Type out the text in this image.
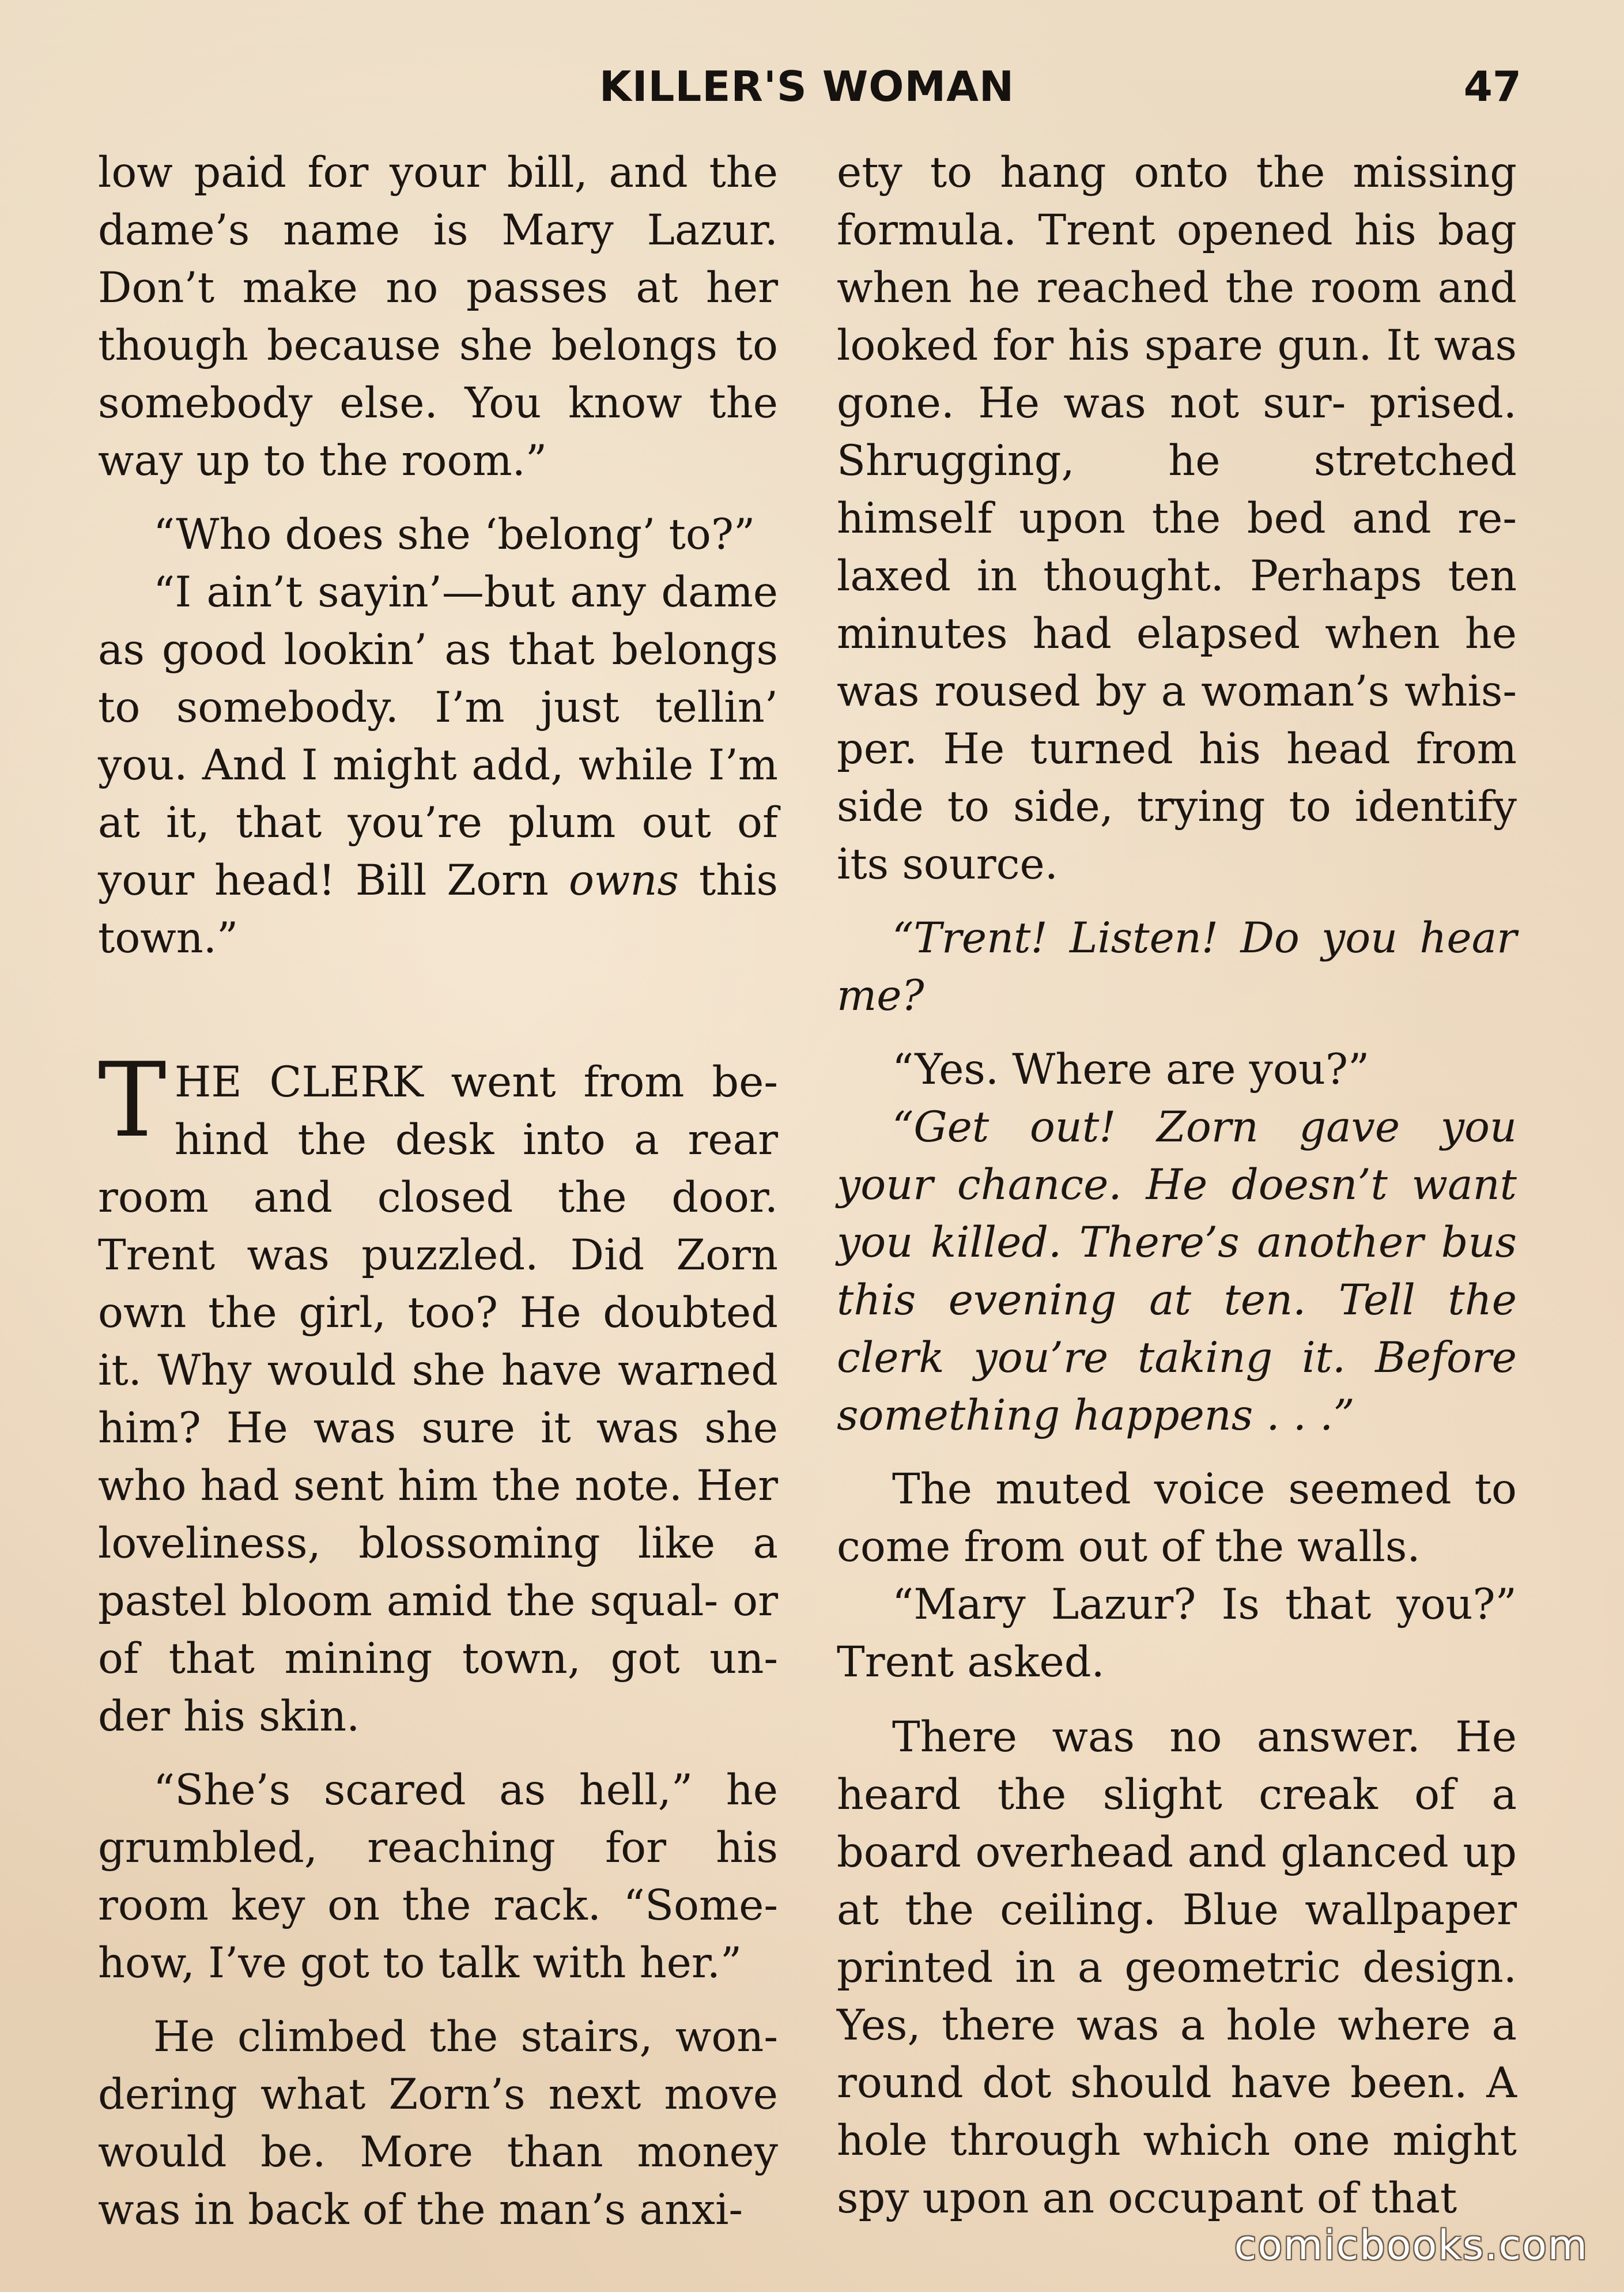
KILLER'S WOMAN	47

low paid for your bill, and the dame’s name is Mary Lazur. Don’t make no passes at her though because she belongs to somebody else. You know the way up to the room.”

“Who does she ‘belong’ to?”

“I ain’t sayin’—but any dame as good lookin’ as that belongs to somebody. I’m just tellin’ you. And I might add, while I’m at it, that you’re plum out of your head! Bill Zorn owns this town.”

THE CLERK went from be- hind the desk into a rear room and closed the door. Trent was puzzled. Did Zorn own the girl, too? He doubted it. Why would she have warned him? He was sure it was she who had sent him the note. Her loveliness, blossoming like a pastel bloom amid the squal- or of that mining town, got un- der his skin.

“She’s scared as hell,” he grumbled, reaching for his room key on the rack. “Some- how, I’ve got to talk with her.”

He climbed the stairs, won- dering what Zorn’s next move would be. More than money was in back of the man’s anxi-

ety to hang onto the missing formula. Trent opened his bag when he reached the room and looked for his spare gun. It was gone. He was not sur- prised. Shrugging, he stretched himself upon the bed and re- laxed in thought. Perhaps ten minutes had elapsed when he was roused by a woman’s whis- per. He turned his head from side to side, trying to identify its source.

“Trent! Listen! Do you hear me?

“Yes. Where are you?”

“Get out! Zorn gave you your chance. He doesn’t want you killed. There’s another bus this evening at ten. Tell the clerk you’re taking it. Before something happens . . .”

The muted voice seemed to come from out of the walls.

“Mary Lazur? Is that you?” Trent asked.

There was no answer. He heard the slight creak of a board overhead and glanced up at the ceiling. Blue wallpaper printed in a geometric design. Yes, there was a hole where a round dot should have been. A hole through which one might spy upon an occupant of that

comicbooks.com
